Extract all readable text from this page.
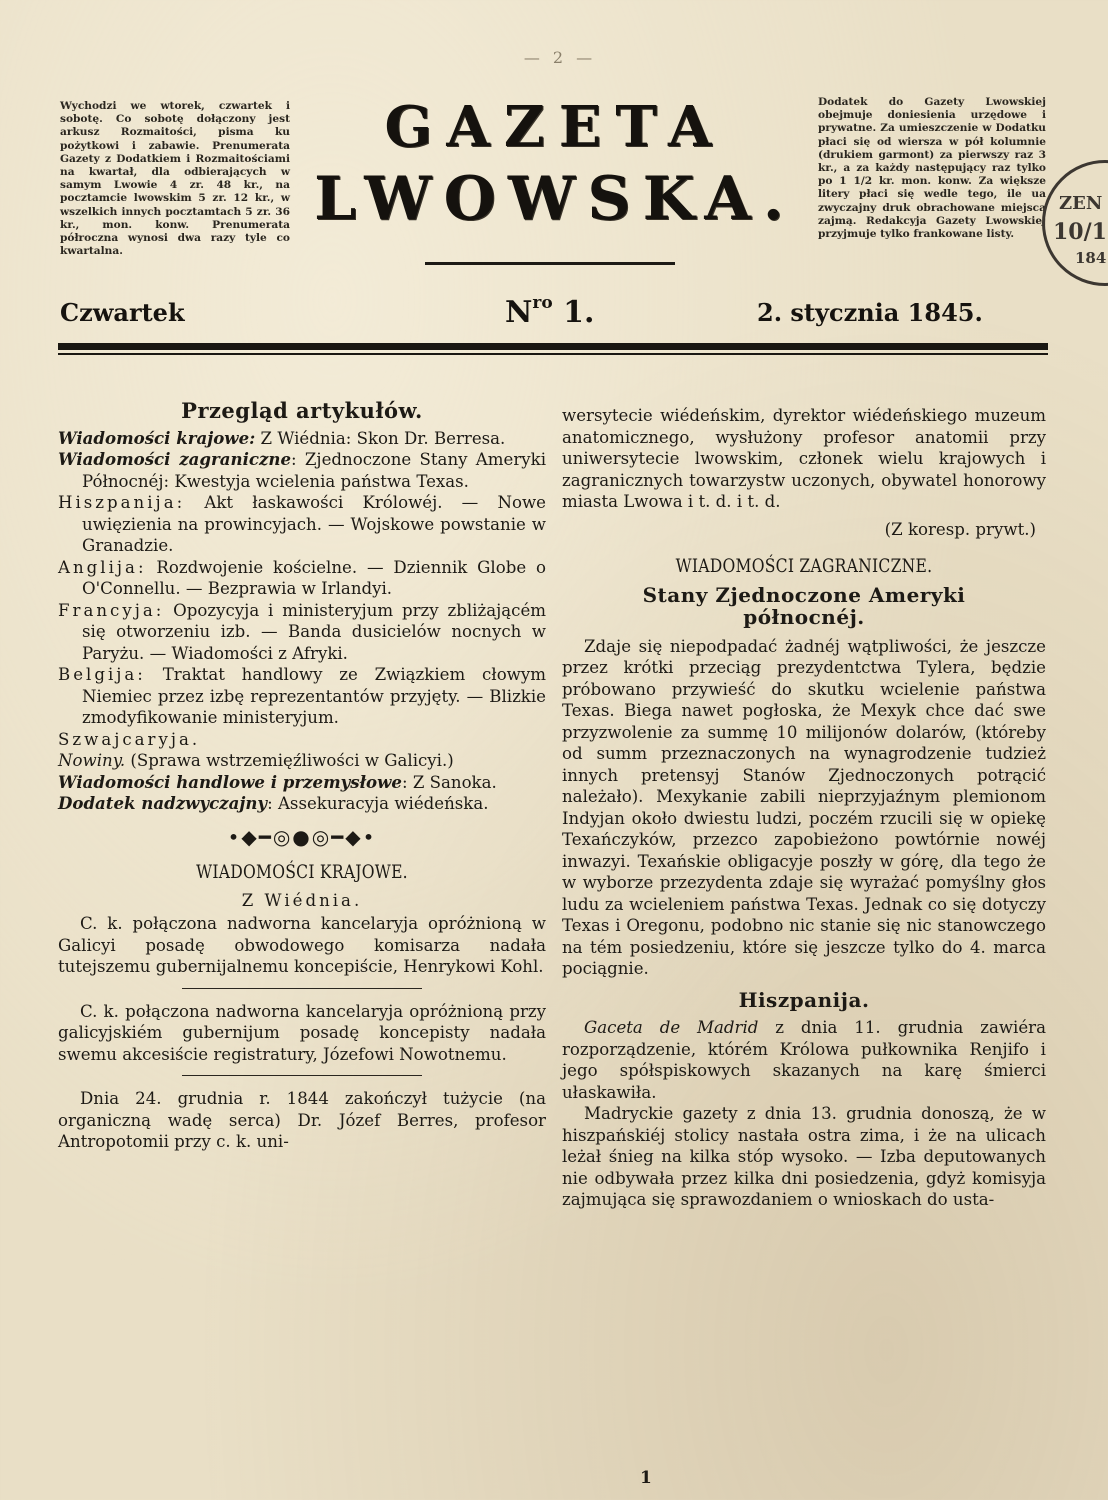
— 2 —
Wychodzi we wtorek, czwartek i sobotę. Co sobotę dołączony jest arkusz Rozmaitości, pisma ku pożytkowi i zabawie. Prenumerata Gazety z Dodatkiem i Rozmaitościami na kwartał, dla odbierających w samym Lwowie 4 zr. 48 kr., na pocztamcie lwowskim 5 zr. 12 kr., w wszelkich innych pocztamtach 5 zr. 36 kr., mon. konw. Prenumerata półroczna wynosi dwa razy tyle co kwartalna.
GAZETA
LWOWSKA.
Dodatek do Gazety Lwowskiej obejmuje doniesienia urzędowe i prywatne. Za umieszczenie w Dodatku płaci się od wiersza w pół kolumnie (drukiem garmont) za pierwszy raz 3 kr., a za każdy następujący raz tylko po 1 1/2 kr. mon. konw. Za większe litery płaci się wedle tego, ile ua zwyczajny druk obrachowane miejsca zajmą. Redakcyja Gazety Lwowskiej przyjmuje tylko frankowane listy.
ZEN
10/1
184
Czwartek	$N^{ro}$ 1.	2. stycznia 1845.
Przegląd artykułów.

Wiadomości krajowe: Z Wiédnia: Skon Dr. Berresa.

Wiadomości zagraniczne: Zjednoczone Stany Ameryki Północnéj: Kwestyja wcielenia państwa Texas.

Hiszpanija: Akt łaskawości Królowéj. — Nowe uwięzienia na prowincyjach. — Wojskowe powstanie w Granadzie.

Anglija: Rozdwojenie kościelne. — Dziennik Globe o O'Connellu. — Bezprawia w Irlandyi.

Francyja: Opozycyja i ministeryjum przy zbliżającém się otworzeniu izb. — Banda dusicielów nocnych w Paryżu. — Wiadomości z Afryki.

Belgija: Traktat handlowy ze Związkiem cłowym Niemiec przez izbę reprezentantów przyjęty. — Blizkie zmodyfikowanie ministeryjum.

Szwajcaryja.

Nowiny. (Sprawa wstrzemięźliwości w Galicyi.)

Wiadomości handlowe i przemysłowe: Z Sanoka.

Dodatek nadzwyczajny: Assekuracyja wiédeńska.

•◆━◎●◎━◆•
WIADOMOŚCI KRAJOWE.
Z Wiédnia.

C. k. połączona nadworna kancelaryja opróżnioną w Galicyi posadę obwodowego komisarza nadała tutejszemu gubernijalnemu koncepiście, Henrykowi Kohl.

C. k. połączona nadworna kancelaryja opróżnioną przy galicyjskiém gubernijum posadę koncepisty nadała swemu akcesiście registratury, Józefowi Nowotnemu.

Dnia 24. grudnia r. 1844 zakończył tużycie (na organiczną wadę serca) Dr. Józef Berres, profesor Antropotomii przy c. k. uni-

wersytecie wiédeńskim, dyrektor wiédeńskiego muzeum anatomicznego, wysłużony profesor anatomii przy uniwersytecie lwowskim, członek wielu krajowych i zagranicznych towarzystw uczonych, obywatel honorowy miasta Lwowa i t. d. i t. d.

(Z koresp. prywt.)

WIADOMOŚCI ZAGRANICZNE.
Stany Zjednoczone Ameryki północnéj.

Zdaje się niepodpadać żadnéj wątpliwości, że jeszcze przez krótki przeciąg prezydentctwa Tylera, będzie próbowano przywieść do skutku wcielenie państwa Texas. Biega nawet pogłoska, że Mexyk chce dać swe przyzwolenie za summę 10 milijonów dolarów, (któreby od summ przeznaczonych na wynagrodzenie tudzież innych pretensyj Stanów Zjednoczonych potrącić należało). Mexykanie zabili nieprzyjaźnym plemionom Indyjan około dwiestu ludzi, poczém rzucili się w opiekę Texańczyków, przezco zapobieżono powtórnie nowéj inwazyi. Texańskie obligacyje poszły w górę, dla tego że w wyborze przezydenta zdaje się wyrażać pomyślny głos ludu za wcieleniem państwa Texas. Jednak co się dotyczy Texas i Oregonu, podobno nic stanie się nic stanowczego na tém posiedzeniu, które się jeszcze tylko do 4. marca pociągnie.

Hiszpanija.

Gaceta de Madrid z dnia 11. grudnia zawiéra rozporządzenie, którém Królowa pułkownika Renjifo i jego spółspiskowych skazanych na karę śmierci ułaskawiła.

Madryckie gazety z dnia 13. grudnia donoszą, że w hiszpańskiéj stolicy nastała ostra zima, i że na ulicach leżał śnieg na kilka stóp wysoko. — Izba deputowanych nie odbywała przez kilka dni posiedzenia, gdyż komisyja zajmująca się sprawozdaniem o wnioskach do usta-

1
